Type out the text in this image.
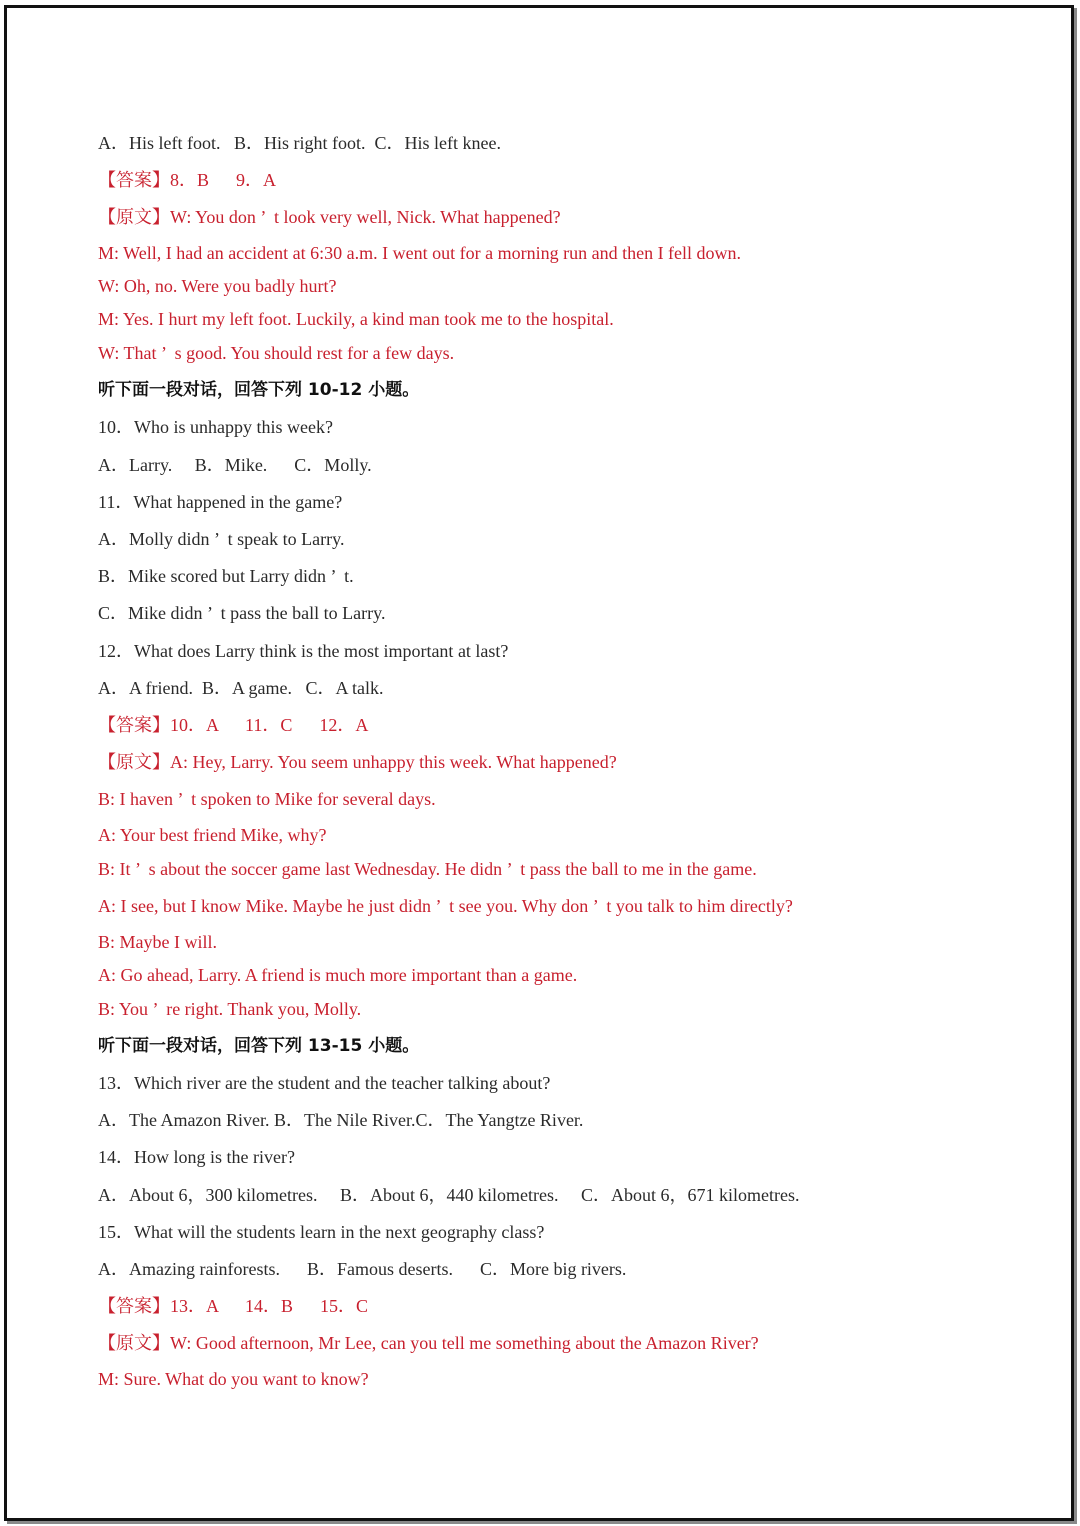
A．His left foot.   B．His right foot.  C．His left knee.
【答案】8．B      9．A
【原文】W: You don ’  t look very well, Nick. What happened?
M: Well, I had an accident at 6:30 a.m. I went out for a morning run and then I fell down.
W: Oh, no. Were you badly hurt?
M: Yes. I hurt my left foot. Luckily, a kind man took me to the hospital.
W: That ’  s good. You should rest for a few days.
听下面一段对话，回答下列 10-12 小题。
10．Who is unhappy this week?
A．Larry.     B．Mike.      C．Molly.
11．What happened in the game?
A．Molly didn ’  t speak to Larry.
B．Mike scored but Larry didn ’  t.
C．Mike didn ’  t pass the ball to Larry.
12．What does Larry think is the most important at last?
A．A friend.  B．A game.   C．A talk.
【答案】10．A      11．C      12．A
【原文】A: Hey, Larry. You seem unhappy this week. What happened?
B: I haven ’  t spoken to Mike for several days.
A: Your best friend Mike, why?
B: It ’  s about the soccer game last Wednesday. He didn ’  t pass the ball to me in the game.
A: I see, but I know Mike. Maybe he just didn ’  t see you. Why don ’  t you talk to him directly?
B: Maybe I will.
A: Go ahead, Larry. A friend is much more important than a game.
B: You ’  re right. Thank you, Molly.
听下面一段对话，回答下列 13-15 小题。
13．Which river are the student and the teacher talking about?
A．The Amazon River. B．The Nile River.C．The Yangtze River.
14．How long is the river?
A．About 6，300 kilometres.     B．About 6，440 kilometres.     C．About 6，671 kilometres.
15．What will the students learn in the next geography class?
A．Amazing rainforests.      B．Famous deserts.      C．More big rivers.
【答案】13．A      14．B      15．C
【原文】W: Good afternoon, Mr Lee, can you tell me something about the Amazon River?
M: Sure. What do you want to know?
